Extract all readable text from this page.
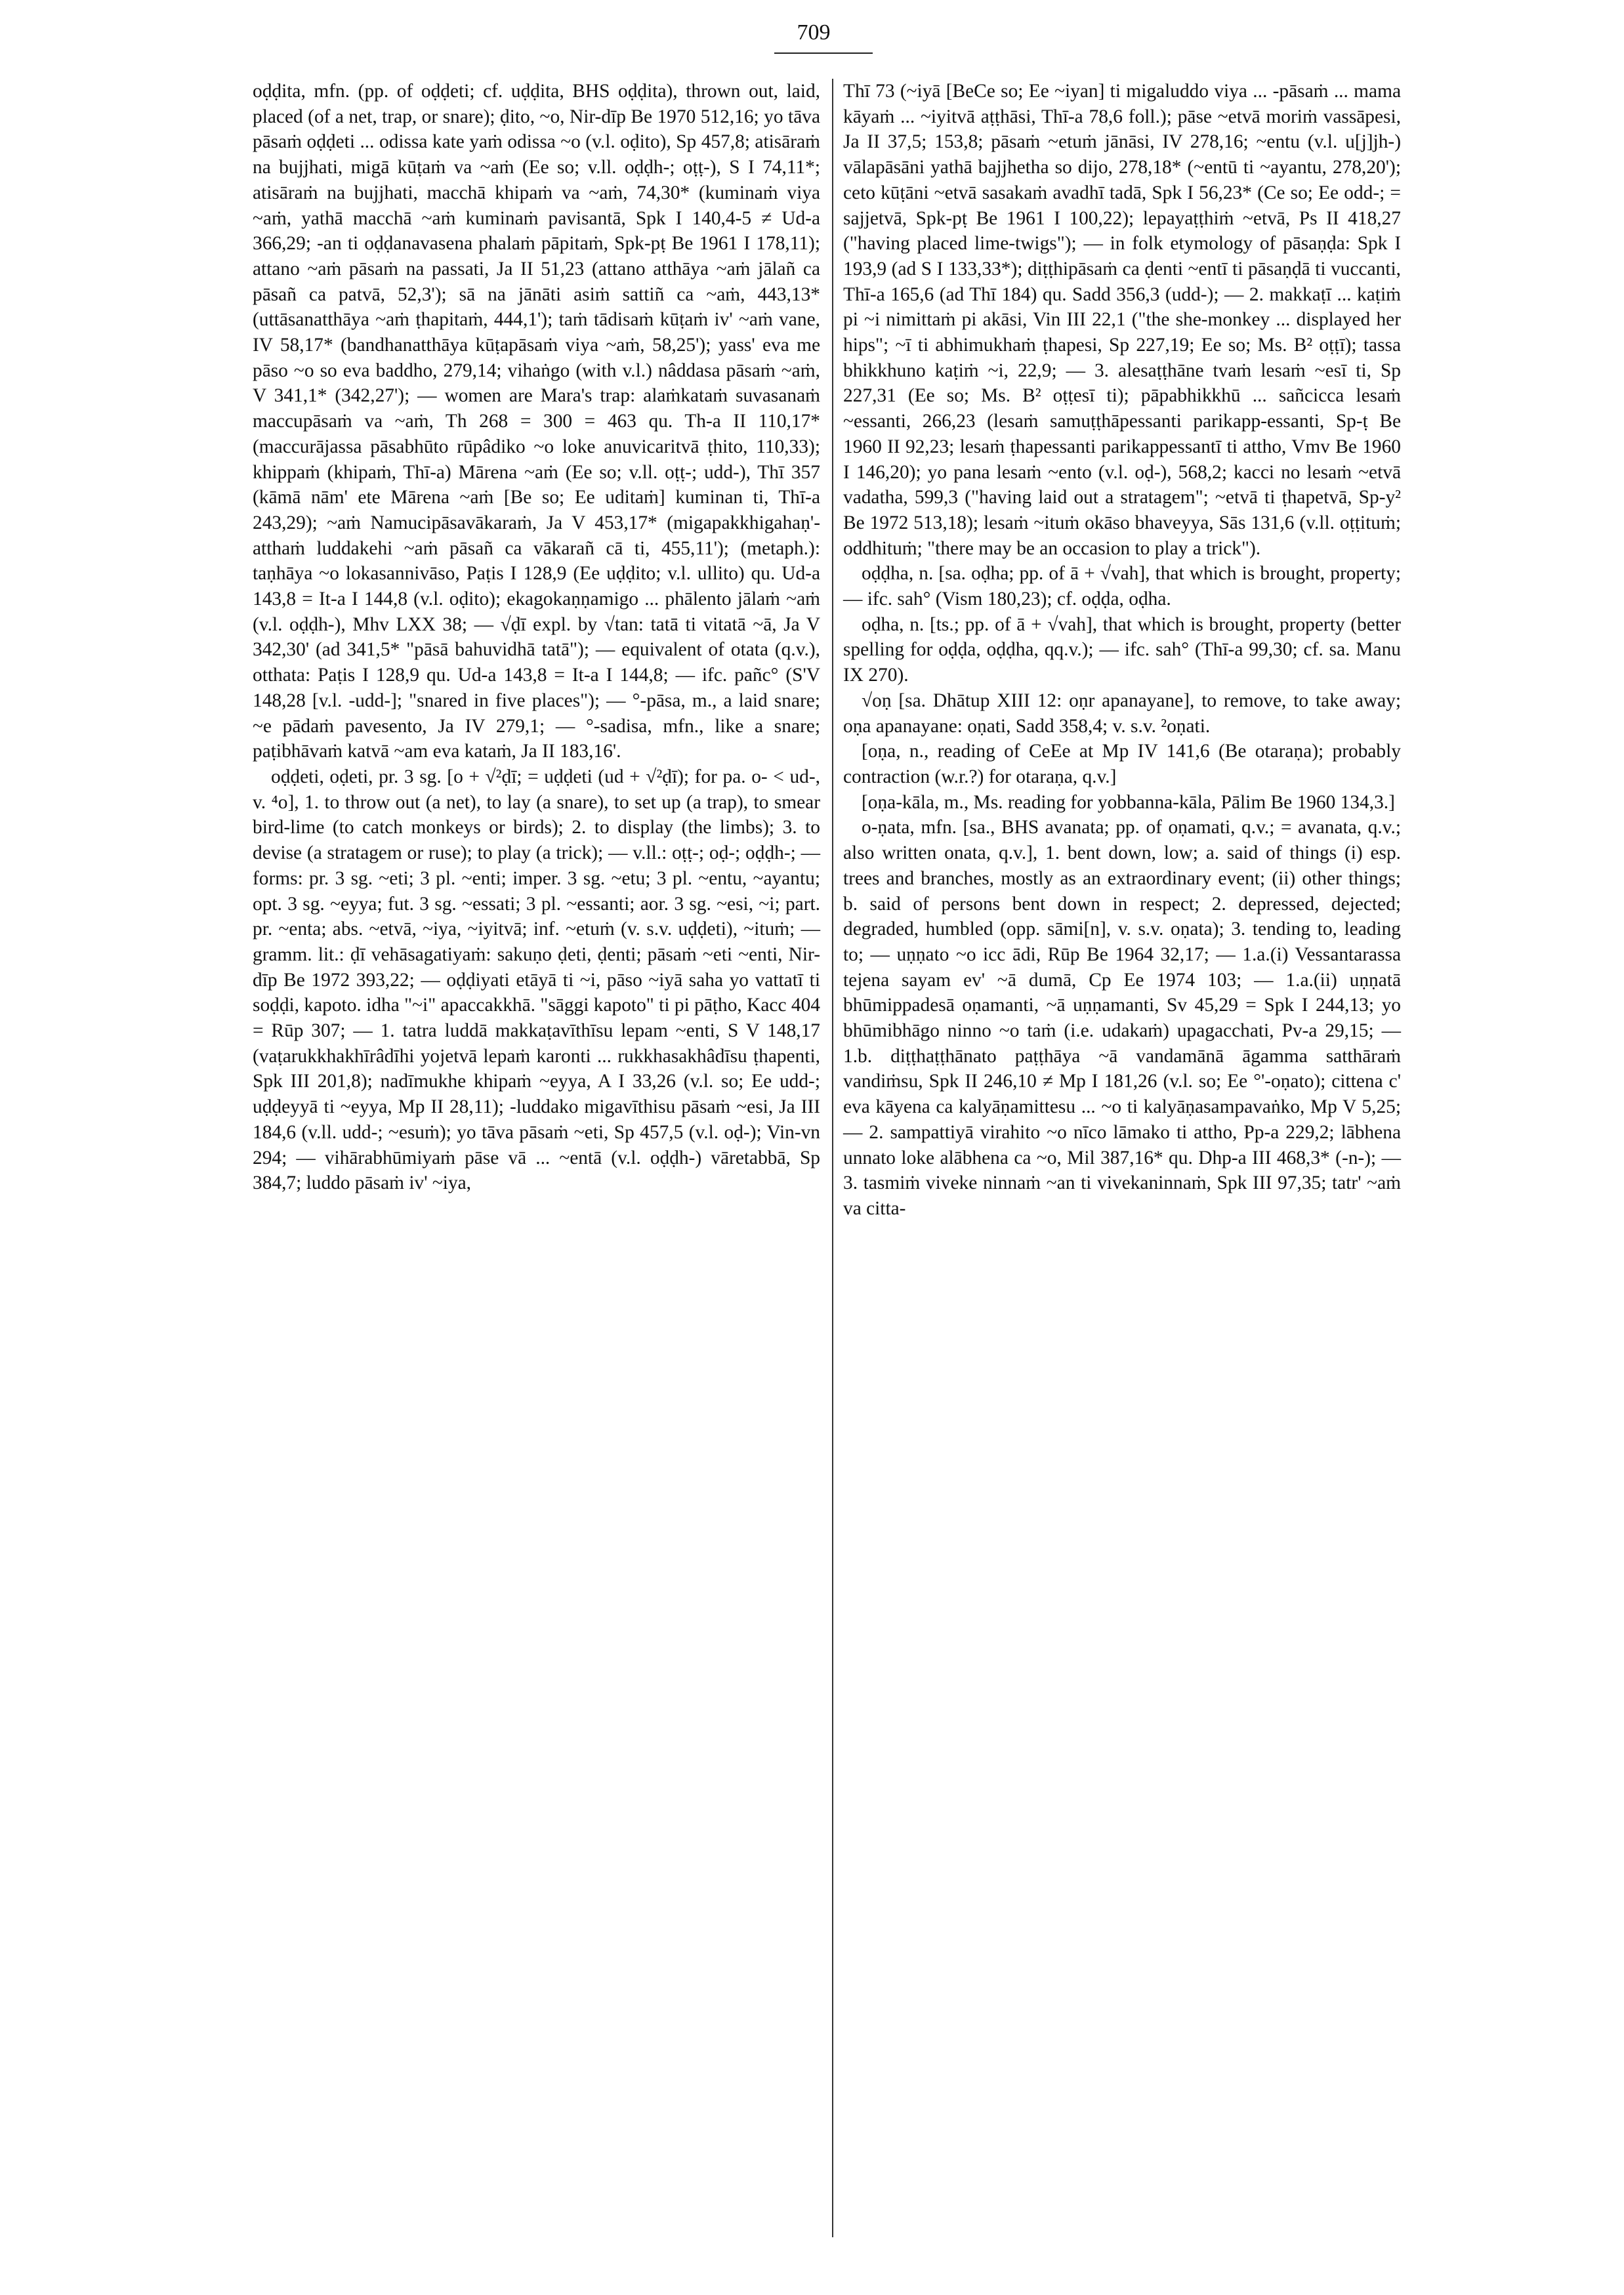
709

oḍḍita, mfn. (pp. of oḍḍeti; cf. uḍḍita, BHS oḍḍita), thrown out, laid, placed (of a net, trap, or snare); ḍito, ~o, Nir-dīp Be 1970 512,16; yo tāva pāsaṁ oḍḍeti ... odissa kate yaṁ odissa ~o (v.l. oḍito), Sp 457,8; atisāraṁ na bujjhati, migā kūṭaṁ va ~aṁ (Ee so; v.ll. oḍḍh-; oṭṭ-), S I 74,11*; atisāraṁ na bujjhati, macchā khipaṁ va ~aṁ, 74,30* (kuminaṁ viya ~aṁ, yathā macchā ~aṁ kuminaṁ pavisantā, Spk I 140,4-5 ≠ Ud-a 366,29; -an ti oḍḍanavasena phalaṁ pāpitaṁ, Spk-pṭ Be 1961 I 178,11); attano ~aṁ pāsaṁ na passati, Ja II 51,23 (attano atthāya ~aṁ jālañ ca pāsañ ca patvā, 52,3'); sā na jānāti asiṁ sattiñ ca ~aṁ, 443,13* (uttāsanatthāya ~aṁ ṭhapitaṁ, 444,1'); taṁ tādisaṁ kūṭaṁ iv' ~aṁ vane, IV 58,17* (bandhanatthāya kūṭapāsaṁ viya ~aṁ, 58,25'); yass' eva me pāso ~o so eva baddho, 279,14; vihaṅgo (with v.l.) nâddasa pāsaṁ ~aṁ, V 341,1* (342,27'); — women are Mara's trap: alaṁkataṁ suvasanaṁ maccupāsaṁ va ~aṁ, Th 268 = 300 = 463 qu. Th-a II 110,17* (maccurājassa pāsabhūto rūpâdiko ~o loke anuvicaritvā ṭhito, 110,33); khippaṁ (khipaṁ, Thī-a) Mārena ~aṁ (Ee so; v.ll. oṭṭ-; udd-), Thī 357 (kāmā nām' ete Mārena ~aṁ [Be so; Ee uditaṁ] kuminan ti, Thī-a 243,29); ~aṁ Namucipāsavākaraṁ, Ja V 453,17* (migapakkhigahaṇ'-atthaṁ luddakehi ~aṁ pāsañ ca vākarañ cā ti, 455,11'); (metaph.): taṇhāya ~o lokasannivāso, Paṭis I 128,9 (Ee uḍḍito; v.l. ullito) qu. Ud-a 143,8 = It-a I 144,8 (v.l. oḍito); ekagokaṇṇamigo ... phālento jālaṁ ~aṁ (v.l. oḍḍh-), Mhv LXX 38; — √ḍī expl. by √tan: tatā ti vitatā ~ā, Ja V 342,30' (ad 341,5* "pāsā bahuvidhā tatā"); — equivalent of otata (q.v.), otthata: Paṭis I 128,9 qu. Ud-a 143,8 = It-a I 144,8; — ifc. pañc° (S'V 148,28 [v.l. -udd-]; "snared in five places"); — °-pāsa, m., a laid snare; ~e pādaṁ pavesento, Ja IV 279,1; — °-sadisa, mfn., like a snare; paṭibhāvaṁ katvā ~am eva kataṁ, Ja II 183,16'.

oḍḍeti, oḍeti, pr. 3 sg. [o + √²ḍī; = uḍḍeti (ud + √²ḍī); for pa. o- < ud-, v. ⁴o], 1. to throw out (a net), to lay (a snare), to set up (a trap), to smear bird-lime (to catch monkeys or birds); 2. to display (the limbs); 3. to devise (a stratagem or ruse); to play (a trick); — v.ll.: oṭṭ-; oḍ-; oḍḍh-; — forms: pr. 3 sg. ~eti; 3 pl. ~enti; imper. 3 sg. ~etu; 3 pl. ~entu, ~ayantu; opt. 3 sg. ~eyya; fut. 3 sg. ~essati; 3 pl. ~essanti; aor. 3 sg. ~esi, ~i; part. pr. ~enta; abs. ~etvā, ~iya, ~iyitvā; inf. ~etuṁ (v. s.v. uḍḍeti), ~ituṁ; — gramm. lit.: ḍī vehāsagatiyaṁ: sakuṇo ḍeti, ḍenti; pāsaṁ ~eti ~enti, Nir-dīp Be 1972 393,22; — oḍḍiyati etāyā ti ~i, pāso ~iyā saha yo vattatī ti soḍḍi, kapoto. idha "~i" apaccakkhā. "sāggi kapoto" ti pi pāṭho, Kacc 404 = Rūp 307; — 1. tatra luddā makkaṭavīthīsu lepam ~enti, S V 148,17 (vaṭarukkhakhīrâdīhi yojetvā lepaṁ karonti ... rukkhasakhâdīsu ṭhapenti, Spk III 201,8); nadīmukhe khipaṁ ~eyya, A I 33,26 (v.l. so; Ee udd-; uḍḍeyyā ti ~eyya, Mp II 28,11); -luddako migavīthisu pāsaṁ ~esi, Ja III 184,6 (v.ll. udd-; ~esuṁ); yo tāva pāsaṁ ~eti, Sp 457,5 (v.l. oḍ-); Vin-vn 294; — vihārabhūmiyaṁ pāse vā ... ~entā (v.l. oḍḍh-) vāretabbā, Sp 384,7; luddo pāsaṁ iv' ~iya,

Thī 73 (~iyā [BeCe so; Ee ~iyan] ti migaluddo viya ... -pāsaṁ ... mama kāyaṁ ... ~iyitvā aṭṭhāsi, Thī-a 78,6 foll.); pāse ~etvā moriṁ vassāpesi, Ja II 37,5; 153,8; pāsaṁ ~etuṁ jānāsi, IV 278,16; ~entu (v.l. u[j]jh-) vālapāsāni yathā bajjhetha so dijo, 278,18* (~entū ti ~ayantu, 278,20'); ceto kūṭāni ~etvā sasakaṁ avadhī tadā, Spk I 56,23* (Ce so; Ee odd-; = sajjetvā, Spk-pṭ Be 1961 I 100,22); lepayaṭṭhiṁ ~etvā, Ps II 418,27 ("having placed lime-twigs"); — in folk etymology of pāsaṇḍa: Spk I 193,9 (ad S I 133,33*); diṭṭhipāsaṁ ca ḍenti ~entī ti pāsaṇḍā ti vuccanti, Thī-a 165,6 (ad Thī 184) qu. Sadd 356,3 (udd-); — 2. makkaṭī ... kaṭiṁ pi ~i nimittaṁ pi akāsi, Vin III 22,1 ("the she-monkey ... displayed her hips"; ~ī ti abhimukhaṁ ṭhapesi, Sp 227,19; Ee so; Ms. B² oṭṭī); tassa bhikkhuno kaṭiṁ ~i, 22,9; — 3. alesaṭṭhāne tvaṁ lesaṁ ~esī ti, Sp 227,31 (Ee so; Ms. B² oṭṭesī ti); pāpabhikkhū ... sañcicca lesaṁ ~essanti, 266,23 (lesaṁ samuṭṭhāpessanti parikapp-essanti, Sp-ṭ Be 1960 II 92,23; lesaṁ ṭhapessanti parikappessantī ti attho, Vmv Be 1960 I 146,20); yo pana lesaṁ ~ento (v.l. oḍ-), 568,2; kacci no lesaṁ ~etvā vadatha, 599,3 ("having laid out a stratagem"; ~etvā ti ṭhapetvā, Sp-y² Be 1972 513,18); lesaṁ ~ituṁ okāso bhaveyya, Sās 131,6 (v.ll. oṭṭituṁ; oddhituṁ; "there may be an occasion to play a trick").

oḍḍha, n. [sa. oḍha; pp. of ā + √vah], that which is brought, property; — ifc. sah° (Vism 180,23); cf. oḍḍa, oḍha.

oḍha, n. [ts.; pp. of ā + √vah], that which is brought, property (better spelling for oḍḍa, oḍḍha, qq.v.); — ifc. sah° (Thī-a 99,30; cf. sa. Manu IX 270).

√oṇ [sa. Dhātup XIII 12: oṇr apanayane], to remove, to take away; oṇa apanayane: oṇati, Sadd 358,4; v. s.v. ²oṇati.

[oṇa, n., reading of CeEe at Mp IV 141,6 (Be otaraṇa); probably contraction (w.r.?) for otaraṇa, q.v.]

[oṇa-kāla, m., Ms. reading for yobbanna-kāla, Pālim Be 1960 134,3.]

o-ṇata, mfn. [sa., BHS avanata; pp. of oṇamati, q.v.; = avanata, q.v.; also written onata, q.v.], 1. bent down, low; a. said of things (i) esp. trees and branches, mostly as an extraordinary event; (ii) other things; b. said of persons bent down in respect; 2. depressed, dejected; degraded, humbled (opp. sāmi[n], v. s.v. oṇata); 3. tending to, leading to; — uṇṇato ~o icc ādi, Rūp Be 1964 32,17; — 1.a.(i) Vessantarassa tejena sayam ev' ~ā dumā, Cp Ee 1974 103; — 1.a.(ii) uṇṇatā bhūmippadesā oṇamanti, ~ā uṇṇamanti, Sv 45,29 = Spk I 244,13; yo bhūmibhāgo ninno ~o taṁ (i.e. udakaṁ) upagacchati, Pv-a 29,15; — 1.b. diṭṭhaṭṭhānato paṭṭhāya ~ā vandamānā āgamma satthāraṁ vandiṁsu, Spk II 246,10 ≠ Mp I 181,26 (v.l. so; Ee °'-oṇato); cittena c' eva kāyena ca kalyāṇamittesu ... ~o ti kalyāṇasampavaṅko, Mp V 5,25; — 2. sampattiyā virahito ~o nīco lāmako ti attho, Pp-a 229,2; lābhena unnato loke alābhena ca ~o, Mil 387,16* qu. Dhp-a III 468,3* (-n-); — 3. tasmiṁ viveke ninnaṁ ~an ti vivekaninnaṁ, Spk III 97,35; tatr' ~aṁ va citta-
